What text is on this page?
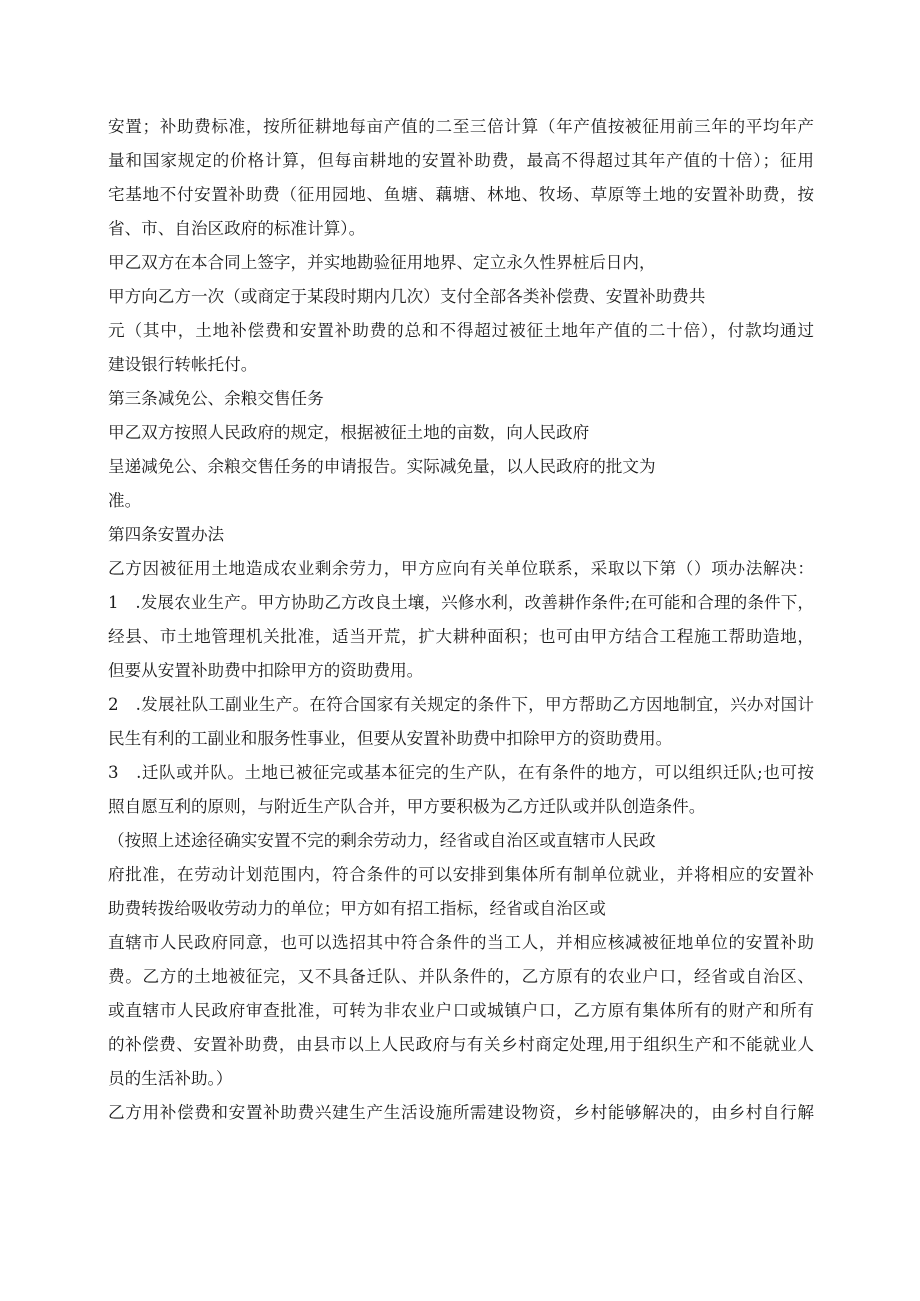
安置；补助费标准，按所征耕地每亩产值的二至三倍计算（年产值按被征用前三年的平均年产
量和国家规定的价格计算，但每亩耕地的安置补助费，最高不得超过其年产值的十倍）；征用
宅基地不付安置补助费（征用园地、鱼塘、藕塘、林地、牧场、草原等土地的安置补助费，按
省、市、自治区政府的标准计算）。
甲乙双方在本合同上签字，并实地勘验征用地界、定立永久性界桩后日内，
甲方向乙方一次（或商定于某段时期内几次）支付全部各类补偿费、安置补助费共
元（其中，土地补偿费和安置补助费的总和不得超过被征土地年产值的二十倍），付款均通过
建设银行转帐托付。
第三条减免公、余粮交售任务
甲乙双方按照人民政府的规定，根据被征土地的亩数，向人民政府
呈递减免公、余粮交售任务的申请报告。实际减免量，以人民政府的批文为
准。
第四条安置办法
乙方因被征用土地造成农业剩余劳力，甲方应向有关单位联系，采取以下第（）项办法解决：
1　.发展农业生产。甲方协助乙方改良土壤，兴修水利，改善耕作条件;在可能和合理的条件下，
经县、市土地管理机关批准，适当开荒，扩大耕种面积；也可由甲方结合工程施工帮助造地，
但要从安置补助费中扣除甲方的资助费用。
2　.发展社队工副业生产。在符合国家有关规定的条件下，甲方帮助乙方因地制宜，兴办对国计
民生有利的工副业和服务性事业，但要从安置补助费中扣除甲方的资助费用。
3　.迁队或并队。土地已被征完或基本征完的生产队，在有条件的地方，可以组织迁队;也可按
照自愿互利的原则，与附近生产队合并，甲方要积极为乙方迁队或并队创造条件。
（按照上述途径确实安置不完的剩余劳动力，经省或自治区或直辖市人民政
府批准，在劳动计划范围内，符合条件的可以安排到集体所有制单位就业，并将相应的安置补
助费转拨给吸收劳动力的单位；甲方如有招工指标，经省或自治区或
直辖市人民政府同意，也可以选招其中符合条件的当工人，并相应核减被征地单位的安置补助
费。乙方的土地被征完，又不具备迁队、并队条件的，乙方原有的农业户口，经省或自治区、
或直辖市人民政府审查批准，可转为非农业户口或城镇户口，乙方原有集体所有的财产和所有
的补偿费、安置补助费，由县市以上人民政府与有关乡村商定处理,用于组织生产和不能就业人
员的生活补助。）
乙方用补偿费和安置补助费兴建生产生活设施所需建设物资，乡村能够解决的，由乡村自行解
